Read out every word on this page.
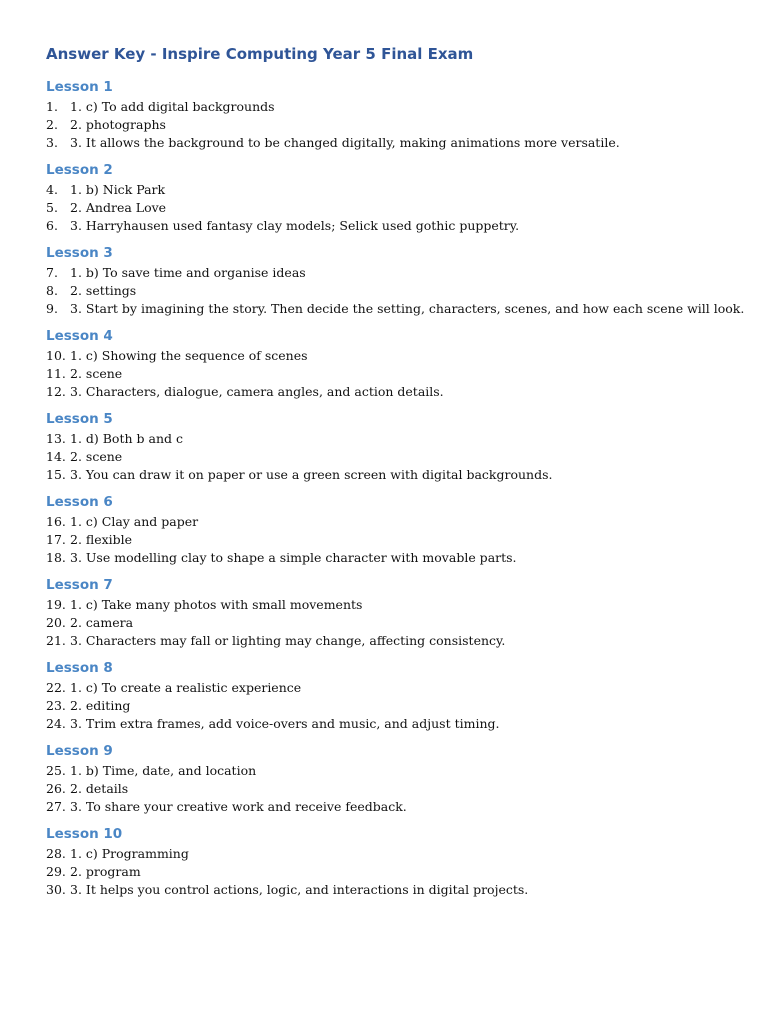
Answer Key - Inspire Computing Year 5 Final Exam
Lesson 1
1. 1. c) To add digital backgrounds
2. 2. photographs
3. 3. It allows the background to be changed digitally, making animations more versatile.
Lesson 2
4. 1. b) Nick Park
5. 2. Andrea Love
6. 3. Harryhausen used fantasy clay models; Selick used gothic puppetry.
Lesson 3
7. 1. b) To save time and organise ideas
8. 2. settings
9. 3. Start by imagining the story. Then decide the setting, characters, scenes, and how each scene will look.
Lesson 4
10. 1. c) Showing the sequence of scenes
11. 2. scene
12. 3. Characters, dialogue, camera angles, and action details.
Lesson 5
13. 1. d) Both b and c
14. 2. scene
15. 3. You can draw it on paper or use a green screen with digital backgrounds.
Lesson 6
16. 1. c) Clay and paper
17. 2. flexible
18. 3. Use modelling clay to shape a simple character with movable parts.
Lesson 7
19. 1. c) Take many photos with small movements
20. 2. camera
21. 3. Characters may fall or lighting may change, affecting consistency.
Lesson 8
22. 1. c) To create a realistic experience
23. 2. editing
24. 3. Trim extra frames, add voice-overs and music, and adjust timing.
Lesson 9
25. 1. b) Time, date, and location
26. 2. details
27. 3. To share your creative work and receive feedback.
Lesson 10
28. 1. c) Programming
29. 2. program
30. 3. It helps you control actions, logic, and interactions in digital projects.
